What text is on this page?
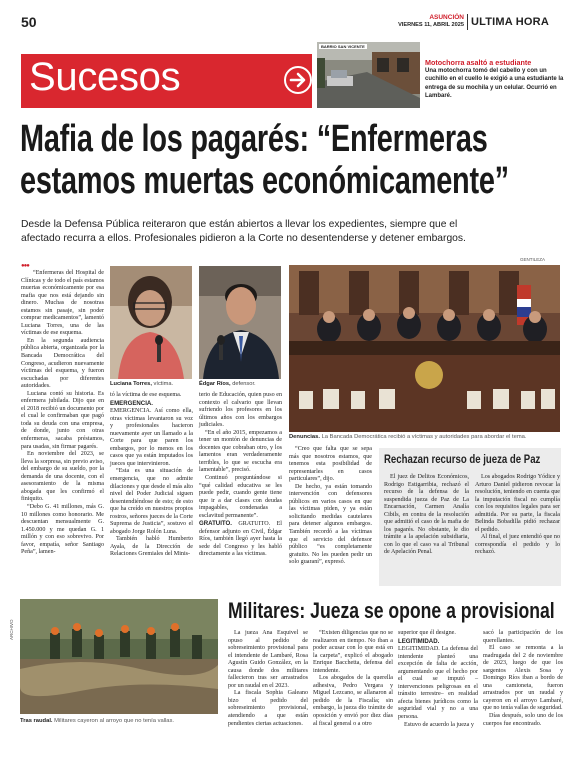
50	ASUNCIÓN
VIERNES 11, ABRIL 2025 ULTIMA HORA
Sucesos
BARRIO SAN VICENTE
Motochorra asaltó a estudiante
Una motochorra tomó del cabello y con un cuchillo en el cuello le exigió a una estudiante la entrega de su mochila y un celular. Ocurrió en Lambaré.
Mafia de los pagarés: “Enfermeras
estamos muertas económicamente”
Desde la Defensa Pública reiteraron que están abiertos a llevar los expedientes, siempre que el
afectado recurra a ellos. Profesionales pidieron a la Corte no desentenderse y detener embargos.
●●●

“Enfermeras del Hospital de Clínicas y de todo el país estamos muertas económicamente por esa mafia que nos está dejando sin dinero. Muchas de nosotras estamos sin pasaje, sin poder comprar medicamentos”, lamentó Luciana Torres, una de las víctimas de ese esquema.

En la segunda audiencia pública abierta, organizada por la Bancada Democrática del Congreso, acudieron nuevamente víctimas del esquema, y fueron escuchadas por diferentes autoridades.

Luciana contó su historia. Es enfermera jubilada. Dijo que en el 2018 recibió un documento por el cual le confirmaban que pagó toda su deuda con una empresa, de donde, junto con otras enfermeras, sacaba préstamos, para usadas, sin firmar pagarés.

En noviembre del 2023, se lleva la sorpresa, sin previo aviso, del embargo de su sueldo, por la demanda de una docente, con el asesoramiento de la misma abogada que les confirmó el finiquito.

“Debo G. 41 millones, más G. 10 millones como honorario. Me descuentan mensualmente G. 1.450.000 y me quedan G. 1 millón y con eso sobrevivo. Por favor, empatía, señor Santiago Peña”, lamen-

Luciana Torres, víctima.	Édgar Ríos, defensor.

tó la víctima de ese esquema.

EMERGENCIA. EMERGENCIA. Así como ella, otras víctimas levantaron su voz y profesionales hacieron nuevamente ayer un llamado a la Corte para que paren los embargos, por lo menos en los casos que ya están imputados los jueces que intervinieron.

“Esta es una situación de emergencia, que no admite dilaciones y que desde el más alto nivel del Poder Judicial siguen desentendiéndose de esto; de esto que ha creído en nuestros propios rostros, señores jueces de la Corte Suprema de Justicia”, sostuvo el abogado Jorge Rolón Luna.

También habló Humberto Ayala, de la Dirección de Relaciones Gremiales del Minis-

terio de Educación, quien puso en contexto el calvario que llevan sufriendo los profesores en los últimos años con los embargos judiciales.

“En el año 2015, empezamos a tener un montón de denuncias de docentes que cobraban otro, y los lamentos eran verdaderamente terribles, lo que se escucha era lamentable”, precisó.

Continuó preguntándose si “qué calidad educativa se les puede pedir, cuando gente tiene que ir a dar clases con deudas impagables, condenadas a esclavitud permanente”.

GRATUITO. GRATUITO. El defensor adjunto en Civil, Édgar Ríos, también llegó ayer hasta la sede del Congreso y les habló directamente a las víctimas.

GENTILEZA
Denuncias. La Bancada Democrática recibió a víctimas y autoridades para abordar el tema.

“Creo que falta que se sepa más que nosotros estamos, que tenemos esta posibilidad de representarles en casos particulares”, dijo.

De hecho, ya están tomando intervención con defensores públicos en varios casos en que las víctimas piden, y ya están solicitando medidas cautelares para detener algunos embargos. También recordó a las víctimas que el servicio del defensor público “es completamente gratuito. No les pueden pedir un solo guaraní”, expresó.

Rechazan recurso de jueza de Paz
El juez de Delitos Económicos, Rodrigo Estigarribia, rechazó el recurso de la defensa de la suspendida jueza de Paz de La Encarnación, Carmen Analía Cibils, en contra de la resolución que admitió el caso de la mafia de los pagarés. No obstante, le dio trámite a la apelación subsidiaria, con lo que el caso va al Tribunal de Apelación Penal.

Los abogados Rodrigo Yódice y Arturo Daniel pidieron revocar la resolución, teniendo en cuenta que la imputación fiscal no cumplía con los requisitos legales para ser admitida. Por su parte, la fiscala Belinda Bobadilla pidió rechazar el pedido.

Al final, el juez entendió que no correspondía el pedido y lo rechazó.

ARCHIVO
Tras raudal. Militares cayeron al arroyo que no tenía vallas.
Militares: Jueza se opone a provisional

La jueza Ana Esquivel se opuso al pedido de sobreseimiento provisional para el intendente de Lambaré, Rosa Agustín Guido González, en la causa donde dos militares fallecieron tras ser arrastrados por un raudal en el 2023.

La fiscala Sophia Galeano bizo el pedido del sobreseimiento provisional, atendiendo a que están pendientes ciertas actuaciones.

“Existen diligencias que no se realizaron en tiempo. No iban a poder acusar con lo que está en la carpeta”, explicó el abogado Enrique Bacchetta, defensa del intendente.

Los abogados de la querella adhesiva, Pedro Vergara y Miguel Lezcano, se allanaron al pedido de la Fiscalía; sin embargo, la jueza dio trámite de oposición y envió por diez días al fiscal general o a otro

superior que él designe.

LEGITIMIDAD. LEGITIMIDAD. La defensa del intendente planteó una excepción de falta de acción, argumentando que el hecho por el cual se imputó –intervenciones peligrosas en el tránsito terrestre– en realidad afecta bienes jurídicos como la seguridad vial y no a una persona.

Estuvo de acuerdo la jueza y

sacó la participación de los querellantes.

El caso se remonta a la madrugada del 2 de noviembre de 2023, luego de que los sargentos Alexis Sosa y Domingo Ríos iban a bordo de una camioneta, fueron arrastrados por un raudal y cayeron en el arroyo Lambaré, que no tenía vallas de seguridad.

Días después, solo uno de los cuerpos fue encontrado.
